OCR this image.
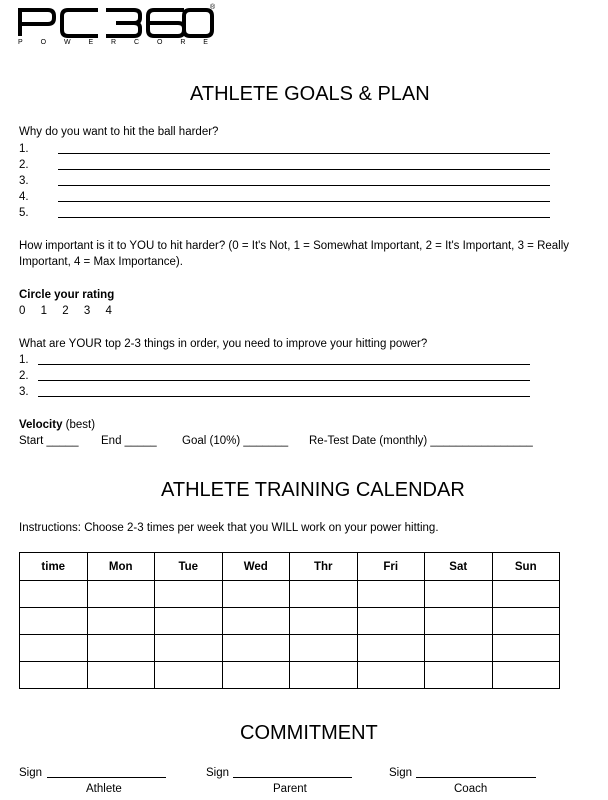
®
P	O	W	E	R	C	O	R	E
ATHLETE GOALS & PLAN
Why do you want to hit the ball harder?
1.
2.
3.
4.
5.
How important is it to YOU to hit harder? (0 = It's Not, 1 = Somewhat Important, 2 = It's Important, 3 = Really Important, 4 = Max Importance).
Circle your rating
0 1 2 3 4
What are YOUR top 2-3 things in order, you need to improve your hitting power?
1.
2.
3.
Velocity (best)
Start _____ End _____ Goal (10%) _______ Re-Test Date (monthly) ________________
ATHLETE TRAINING CALENDAR
Instructions: Choose 2-3 times per week that you WILL work on your power hitting.
time	Mon	Tue	Wed	Thr	Fri	Sat	Sun

COMMITMENT
Sign
Athlete
Sign
Parent
Sign
Coach
